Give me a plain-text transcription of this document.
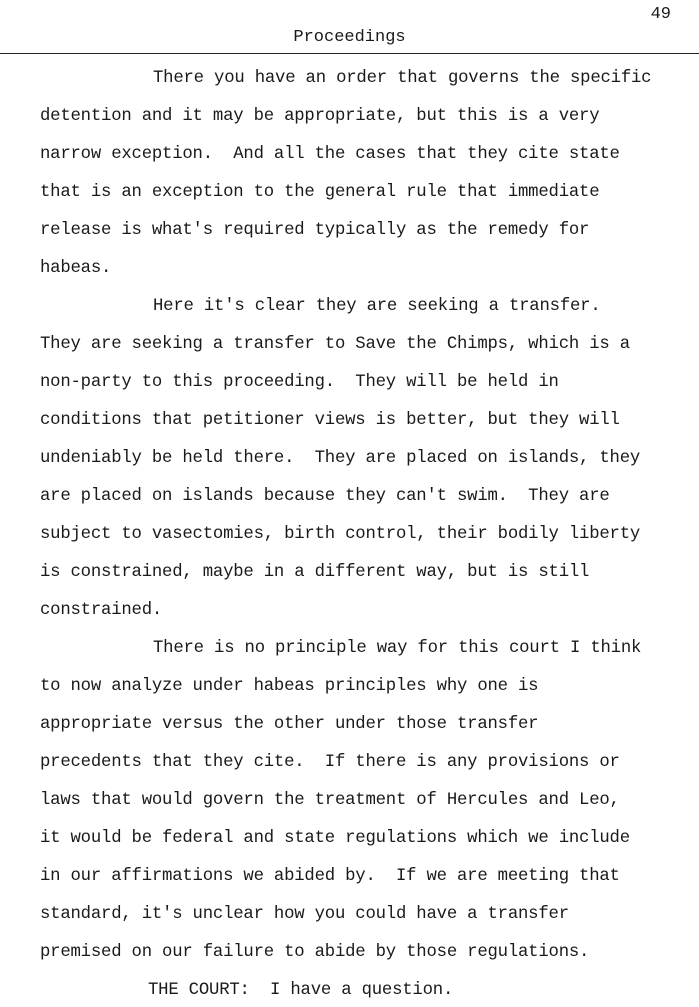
49
Proceedings
There you have an order that governs the specific
detention and it may be appropriate, but this is a very
narrow exception.  And all the cases that they cite state
that is an exception to the general rule that immediate
release is what's required typically as the remedy for
habeas.
Here it's clear they are seeking a transfer.
They are seeking a transfer to Save the Chimps, which is a
non-party to this proceeding.  They will be held in
conditions that petitioner views is better, but they will
undeniably be held there.  They are placed on islands, they
are placed on islands because they can't swim.  They are
subject to vasectomies, birth control, their bodily liberty
is constrained, maybe in a different way, but is still
constrained.
There is no principle way for this court I think
to now analyze under habeas principles why one is
appropriate versus the other under those transfer
precedents that they cite.  If there is any provisions or
laws that would govern the treatment of Hercules and Leo,
it would be federal and state regulations which we include
in our affirmations we abided by.  If we are meeting that
standard, it's unclear how you could have a transfer
premised on our failure to abide by those regulations.
THE COURT:  I have a question.
